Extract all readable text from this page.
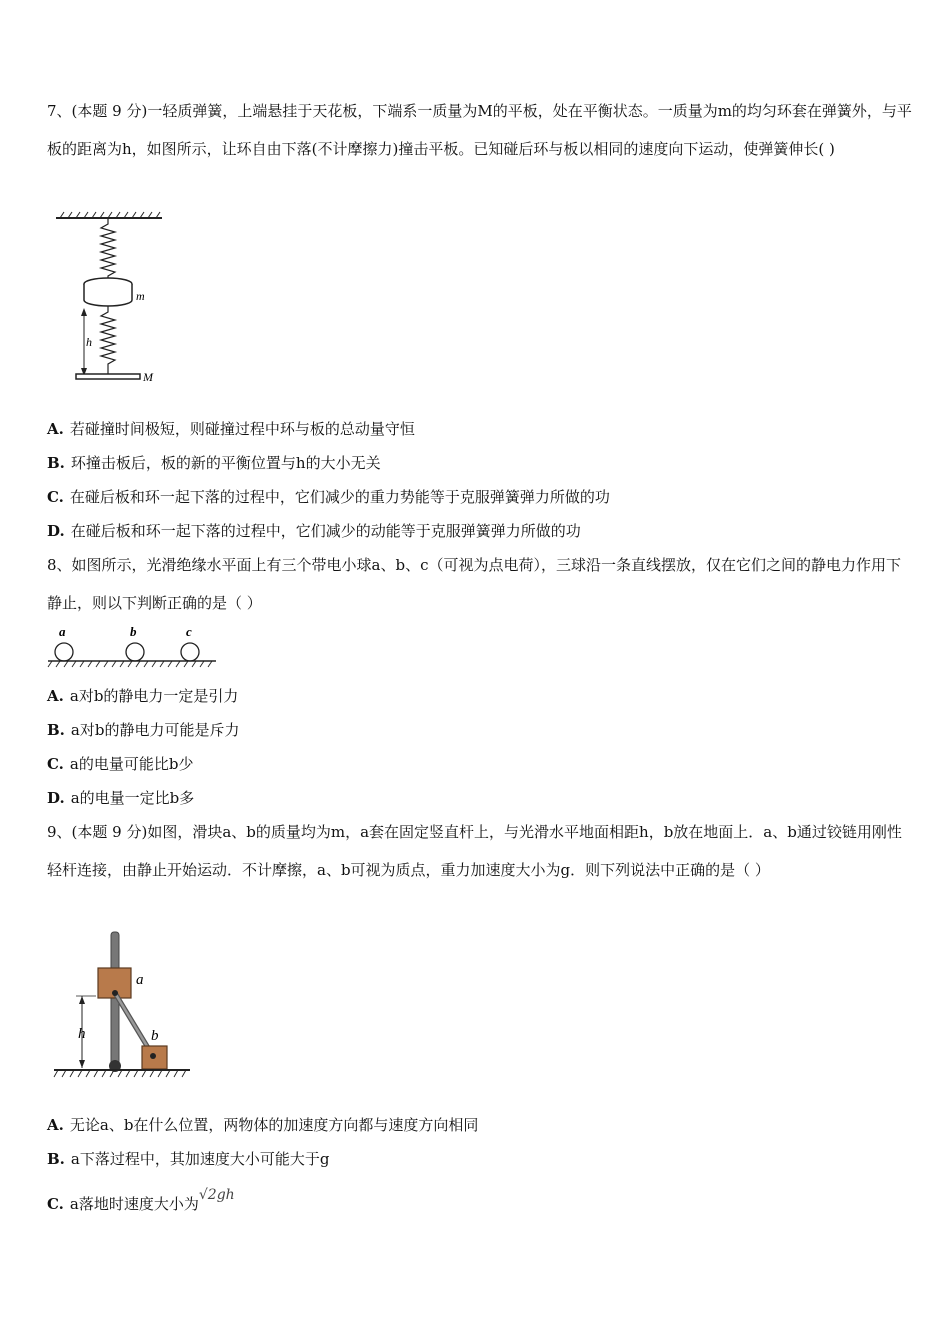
7、(本题 9 分)一轻质弹簧，上端悬挂于天花板，下端系一质量为M的平板，处在平衡状态。一质量为m的均匀环套在弹簧外，与平板的距离为h，如图所示，让环自由下落(不计摩擦力)撞击平板。已知碰后环与板以相同的速度向下运动，使弹簧伸长( )
m
h
M
A. 若碰撞时间极短，则碰撞过程中环与板的总动量守恒
B. 环撞击板后，板的新的平衡位置与h的大小无关
C. 在碰后板和环一起下落的过程中，它们减少的重力势能等于克服弹簧弹力所做的功
D. 在碰后板和环一起下落的过程中，它们减少的动能等于克服弹簧弹力所做的功
8、如图所示，光滑绝缘水平面上有三个带电小球a、b、c（可视为点电荷），三球沿一条直线摆放，仅在它们之间的静电力作用下静止，则以下判断正确的是（ ）
a	b	c
A. a对b的静电力一定是引力
B. a对b的静电力可能是斥力
C. a的电量可能比b少
D. a的电量一定比b多
9、(本题 9 分)如图，滑块a、b的质量均为m，a套在固定竖直杆上，与光滑水平地面相距h，b放在地面上．a、b通过铰链用刚性轻杆连接，由静止开始运动．不计摩擦，a、b可视为质点，重力加速度大小为g．则下列说法中正确的是（ ）
a
b
h
A. 无论a、b在什么位置，两物体的加速度方向都与速度方向相同
B. a下落过程中，其加速度大小可能大于g
C. a落地时速度大小为√2gh
